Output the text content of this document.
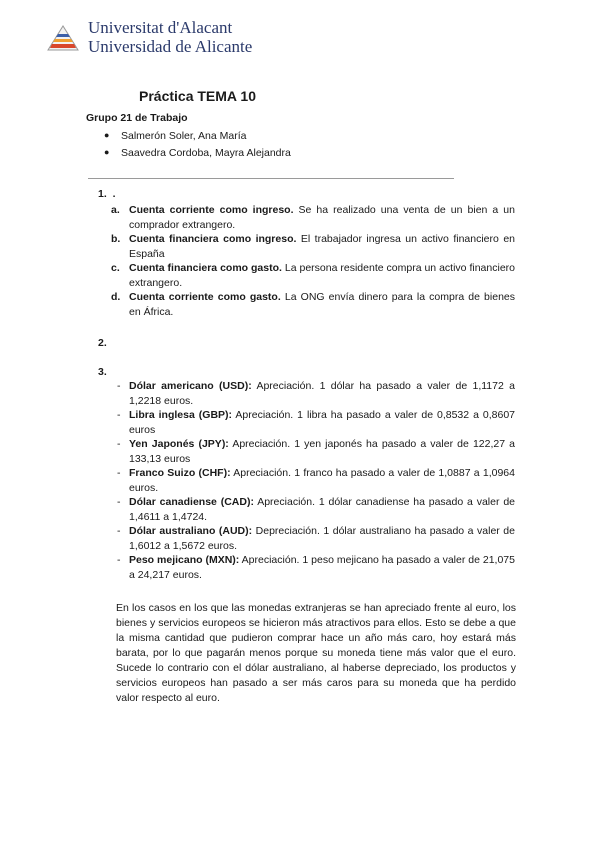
Universitat d'Alacant
Universidad de Alicante
Práctica TEMA 10
Grupo 21 de Trabajo
● Salmerón Soler, Ana María
● Saavedra Cordoba, Mayra Alejandra
1. .
a. Cuenta corriente como ingreso. Se ha realizado una venta de un bien a un comprador extrangero.
b. Cuenta financiera como ingreso. El trabajador ingresa un activo financiero en España
c. Cuenta financiera como gasto. La persona residente compra un activo financiero extrangero.
d. Cuenta corriente como gasto. La ONG envía dinero para la compra de bienes en África.
2.
3.
- Dólar americano (USD): Apreciación. 1 dólar ha pasado a valer de 1,1172 a 1,2218 euros.
- Libra inglesa (GBP): Apreciación. 1 libra ha pasado a valer de 0,8532 a 0,8607 euros
- Yen Japonés (JPY): Apreciación. 1 yen japonés ha pasado a valer de 122,27 a 133,13 euros
- Franco Suizo (CHF): Apreciación. 1 franco ha pasado a valer de 1,0887 a 1,0964 euros.
- Dólar canadiense (CAD): Apreciación. 1 dólar canadiense ha pasado a valer de 1,4611 a 1,4724.
- Dólar australiano (AUD): Depreciación. 1 dólar australiano ha pasado a valer de 1,6012 a 1,5672 euros.
- Peso mejicano (MXN): Apreciación. 1 peso mejicano ha pasado a valer de 21,075 a 24,217 euros.

En los casos en los que las monedas extranjeras se han apreciado frente al euro, los bienes y servicios europeos se hicieron más atractivos para ellos. Esto se debe a que la misma cantidad que pudieron comprar hace un año más caro, hoy estará más barata, por lo que pagarán menos porque su moneda tiene más valor que el euro. Sucede lo contrario con el dólar australiano, al haberse depreciado, los productos y servicios europeos han pasado a ser más caros para su moneda que ha perdido valor respecto al euro.
